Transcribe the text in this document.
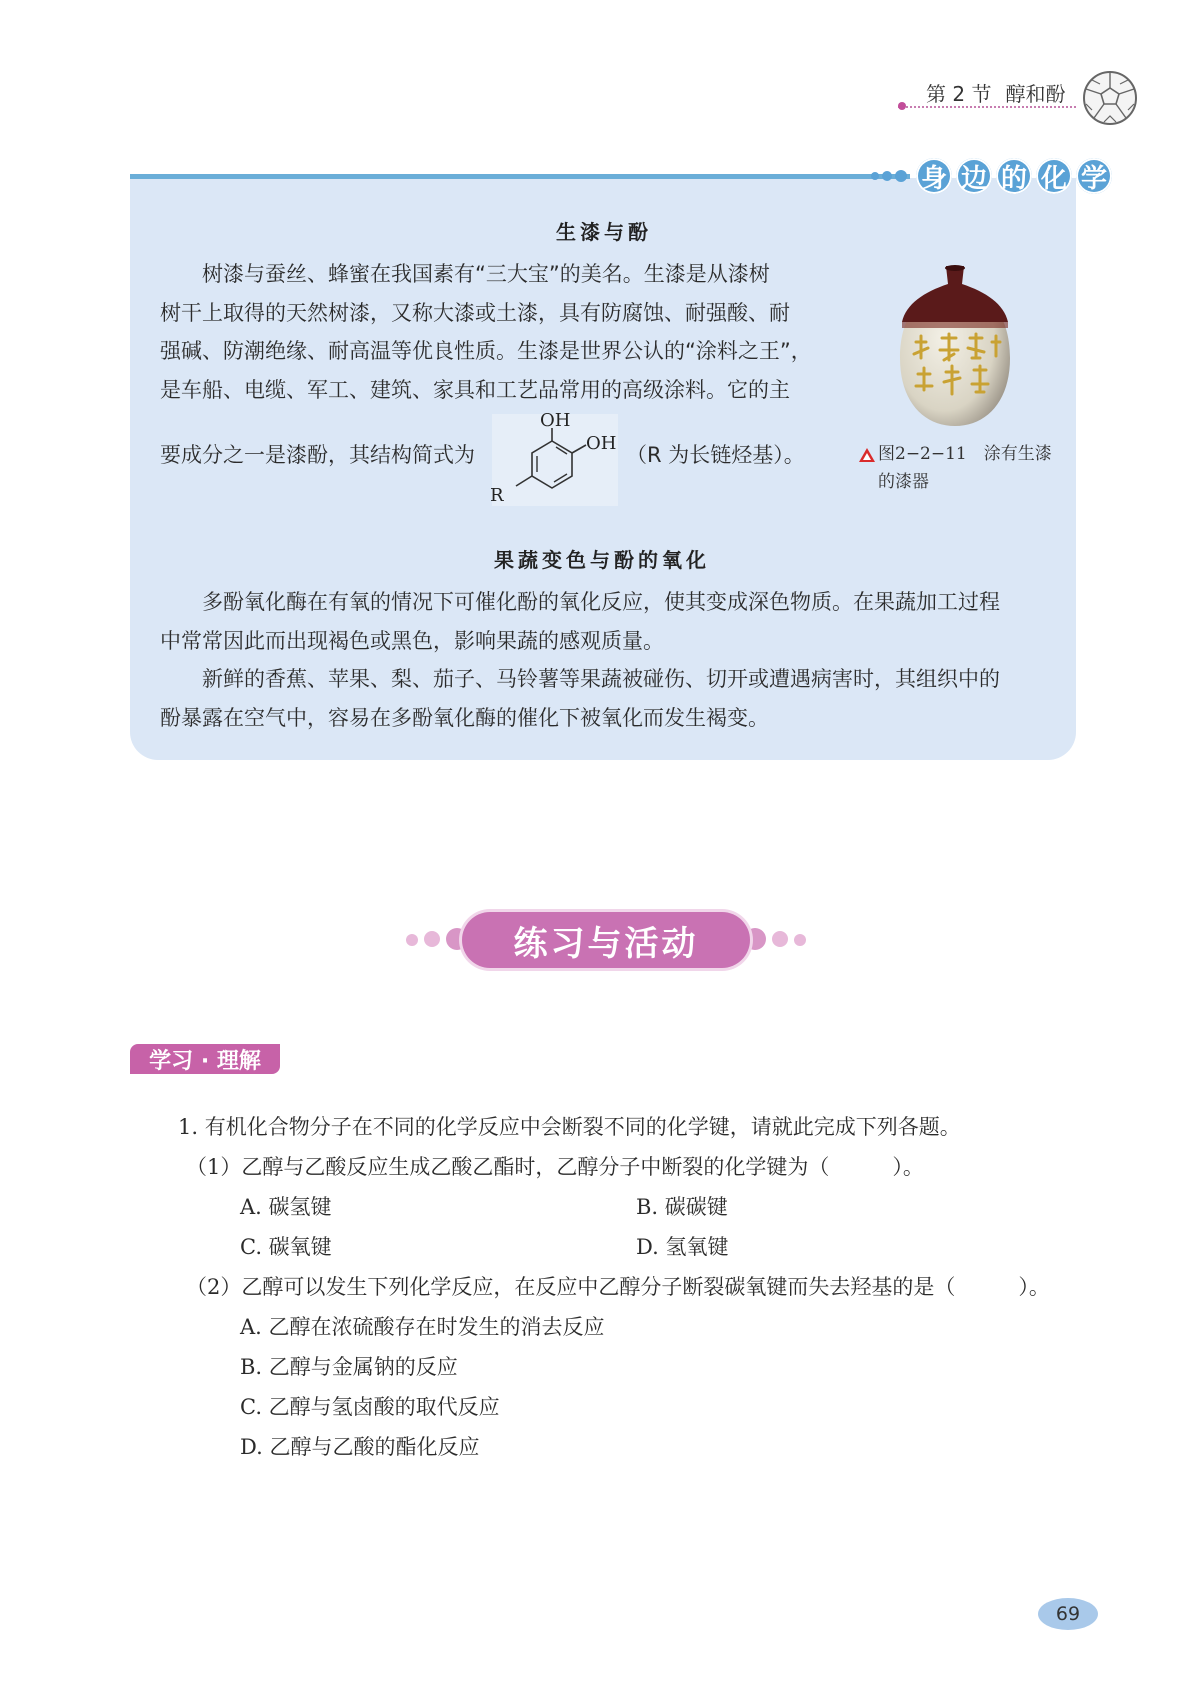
第 2 节 醇和酚
身 边 的 化 学
生漆与酚

树漆与蚕丝、蜂蜜在我国素有“三大宝”的美名。生漆是从漆树

树干上取得的天然树漆，又称大漆或土漆，具有防腐蚀、耐强酸、耐

强碱、防潮绝缘、耐高温等优良性质。生漆是世界公认的“涂料之王”，

是车船、电缆、军工、建筑、家具和工艺品常用的高级涂料。它的主

要成分之一是漆酚，其结构简式为
OH
OH
R
（R 为长链烃基）。	图2−2−11　涂有生漆
的漆器
果蔬变色与酚的氧化

多酚氧化酶在有氧的情况下可催化酚的氧化反应，使其变成深色物质。在果蔬加工过程

中常常因此而出现褐色或黑色，影响果蔬的感观质量。

新鲜的香蕉、苹果、梨、茄子、马铃薯等果蔬被碰伤、切开或遭遇病害时，其组织中的

酚暴露在空气中，容易在多酚氧化酶的催化下被氧化而发生褐变。

练习与活动
学习 · 理解
1. 有机化合物分子在不同的化学反应中会断裂不同的化学键，请就此完成下列各题。
（1）乙醇与乙酸反应生成乙酸乙酯时，乙醇分子中断裂的化学键为（　　　）。
A. 碳氢键	B. 碳碳键
C. 碳氧键	D. 氢氧键
（2）乙醇可以发生下列化学反应，在反应中乙醇分子断裂碳氧键而失去羟基的是（　　　）。
A. 乙醇在浓硫酸存在时发生的消去反应
B. 乙醇与金属钠的反应
C. 乙醇与氢卤酸的取代反应
D. 乙醇与乙酸的酯化反应
69
